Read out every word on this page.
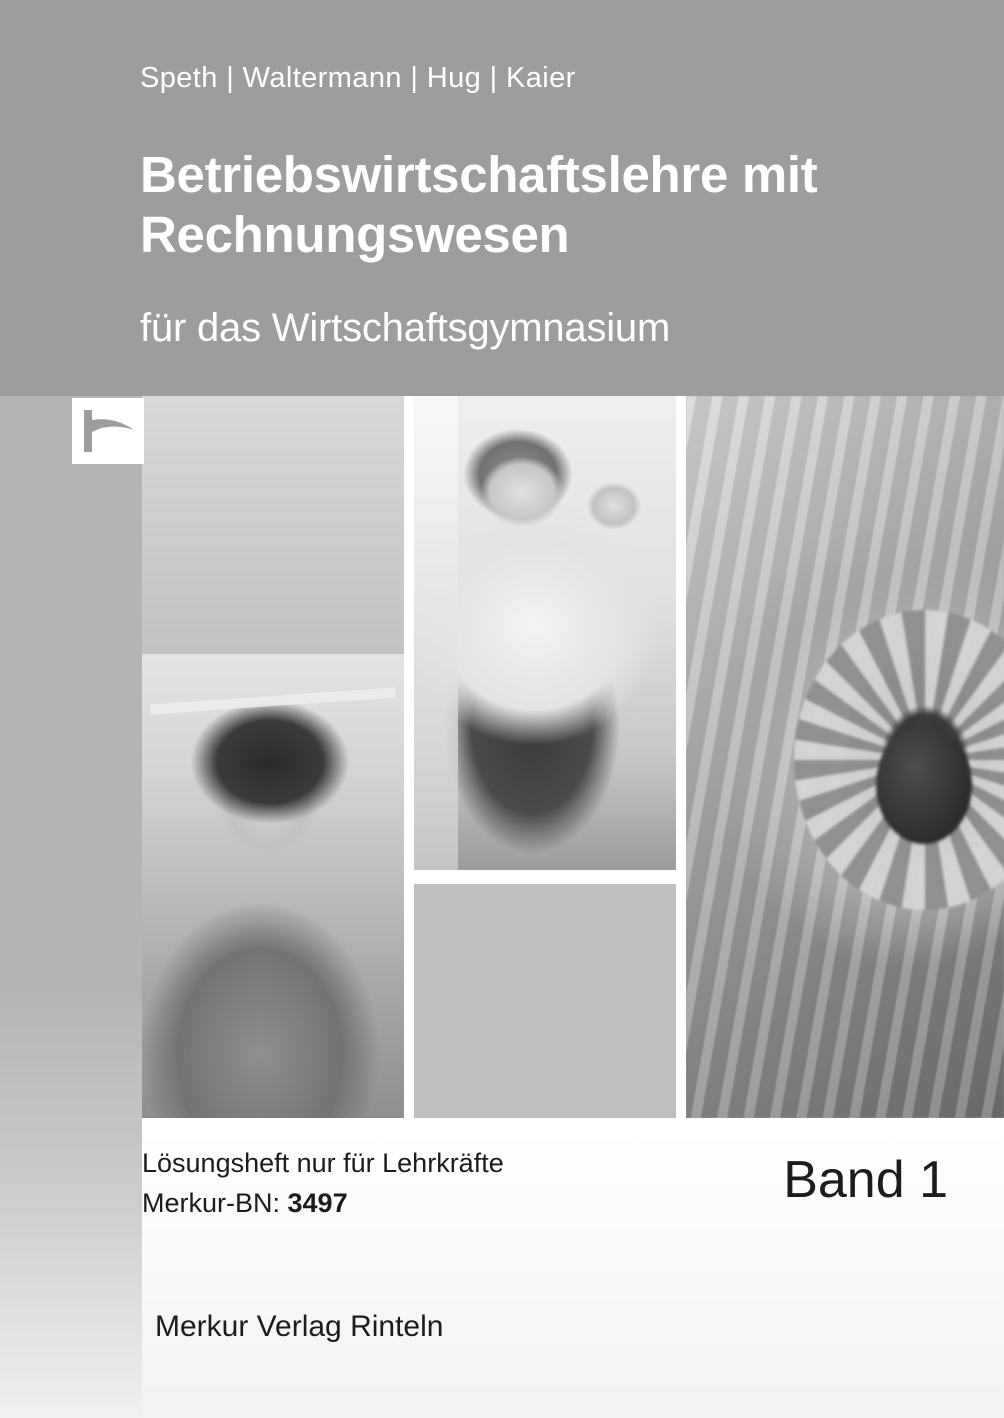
Speth | Waltermann | Hug | Kaier
Betriebswirtschaftslehre mit Rechnungswesen
für das Wirtschaftsgymnasium
Lösungsheft nur für Lehrkräfte
Merkur-BN: 3497	Band 1
Merkur Verlag Rinteln
